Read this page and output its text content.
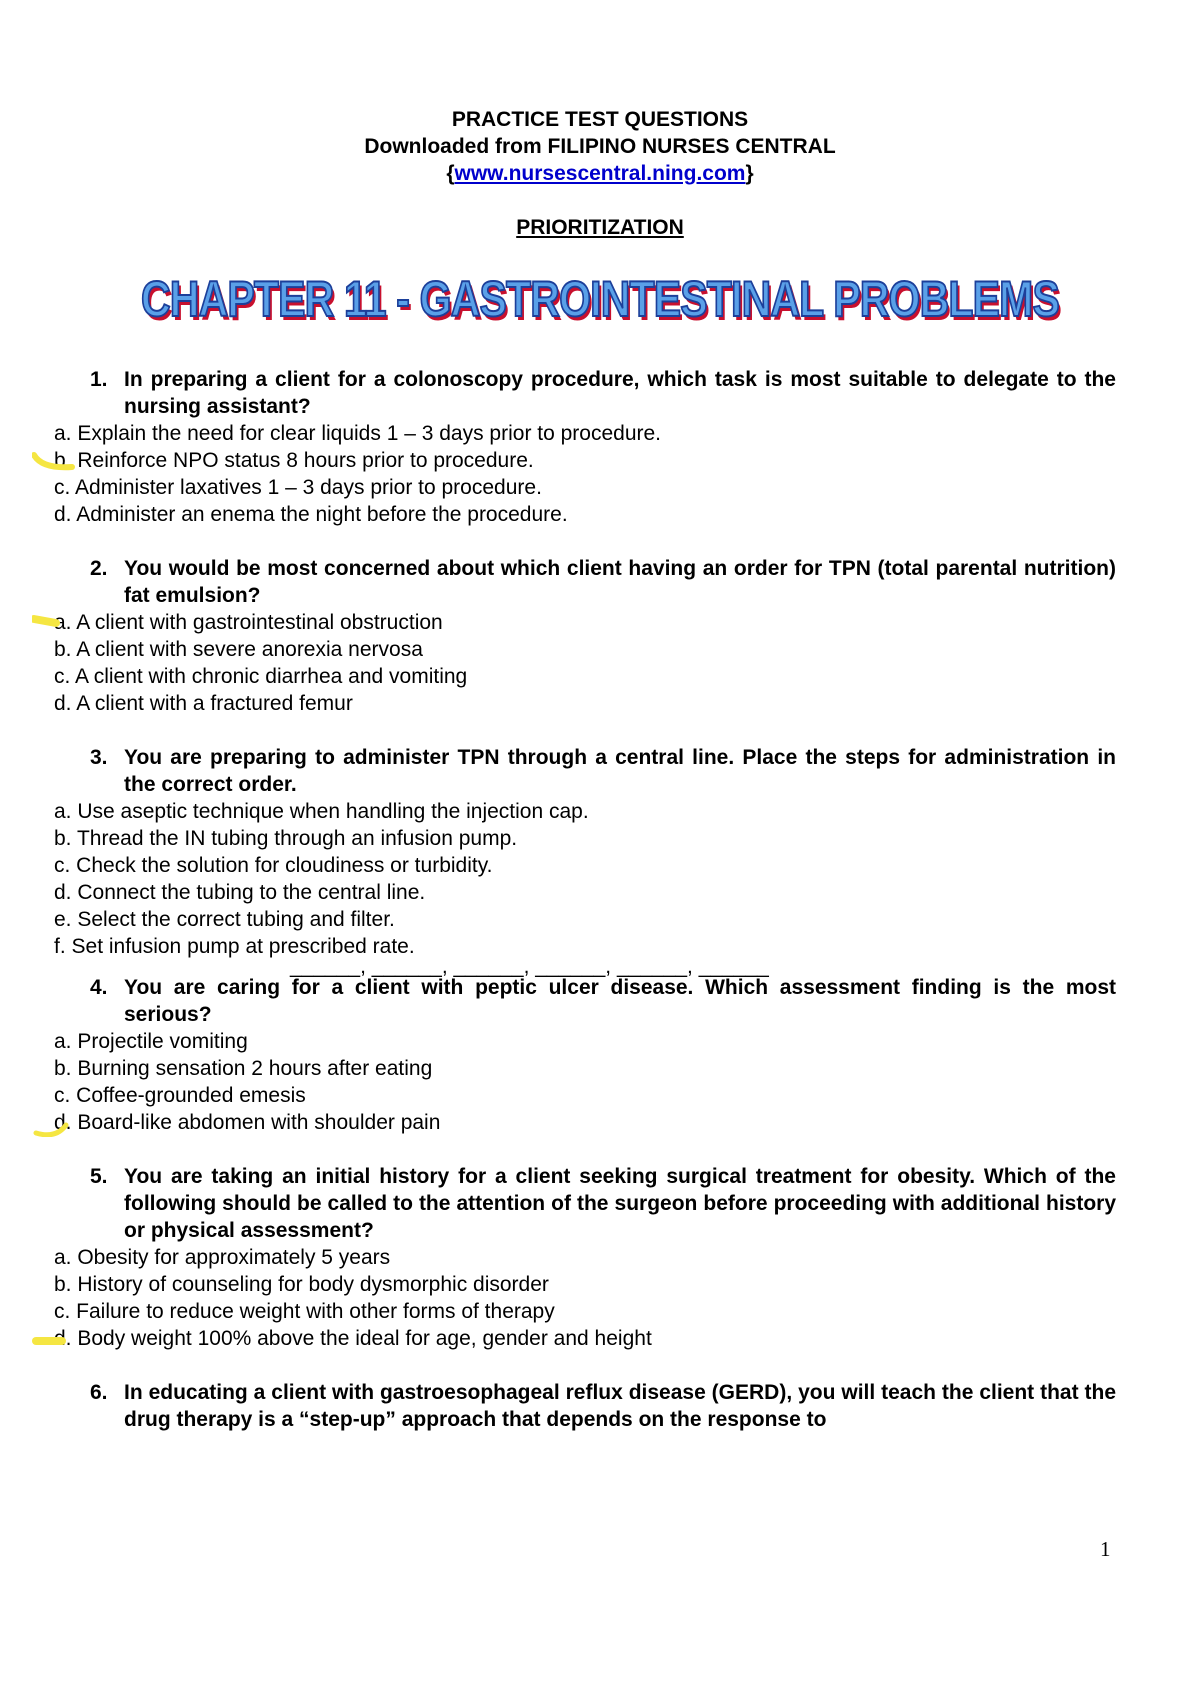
PRACTICE TEST QUESTIONS
Downloaded from FILIPINO NURSES CENTRAL
{www.nursescentral.ning.com}
PRIORITIZATION
CHAPTER 11 - GASTROINTESTINAL PROBLEMS

1. In preparing a client for a colonoscopy procedure, which task is most suitable to delegate to the nursing assistant?

a. Explain the need for clear liquids 1 – 3 days prior to procedure.

b. Reinforce NPO status 8 hours prior to procedure.

c. Administer laxatives 1 – 3 days prior to procedure.

d. Administer an enema the night before the procedure.

2. You would be most concerned about which client having an order for TPN (total parental nutrition) fat emulsion?

a. A client with gastrointestinal obstruction

b. A client with severe anorexia nervosa

c. A client with chronic diarrhea and vomiting

d. A client with a fractured femur

3. You are preparing to administer TPN through a central line. Place the steps for administration in the correct order.

a. Use aseptic technique when handling the injection cap.

b. Thread the IN tubing through an infusion pump.

c. Check the solution for cloudiness or turbidity.

d. Connect the tubing to the central line.

e. Select the correct tubing and filter.

f. Set infusion pump at prescribed rate.

______, ______, ______, ______, ______, ______

4. You are caring for a client with peptic ulcer disease. Which assessment finding is the most serious?

a. Projectile vomiting

b. Burning sensation 2 hours after eating

c. Coffee-grounded emesis

d. Board-like abdomen with shoulder pain

5. You are taking an initial history for a client seeking surgical treatment for obesity. Which of the following should be called to the attention of the surgeon before proceeding with additional history or physical assessment?

a. Obesity for approximately 5 years

b. History of counseling for body dysmorphic disorder

c. Failure to reduce weight with other forms of therapy

d. Body weight 100% above the ideal for age, gender and height

6. In educating a client with gastroesophageal reflux disease (GERD), you will teach the client that the drug therapy is a “step-up” approach that depends on the response to

1
